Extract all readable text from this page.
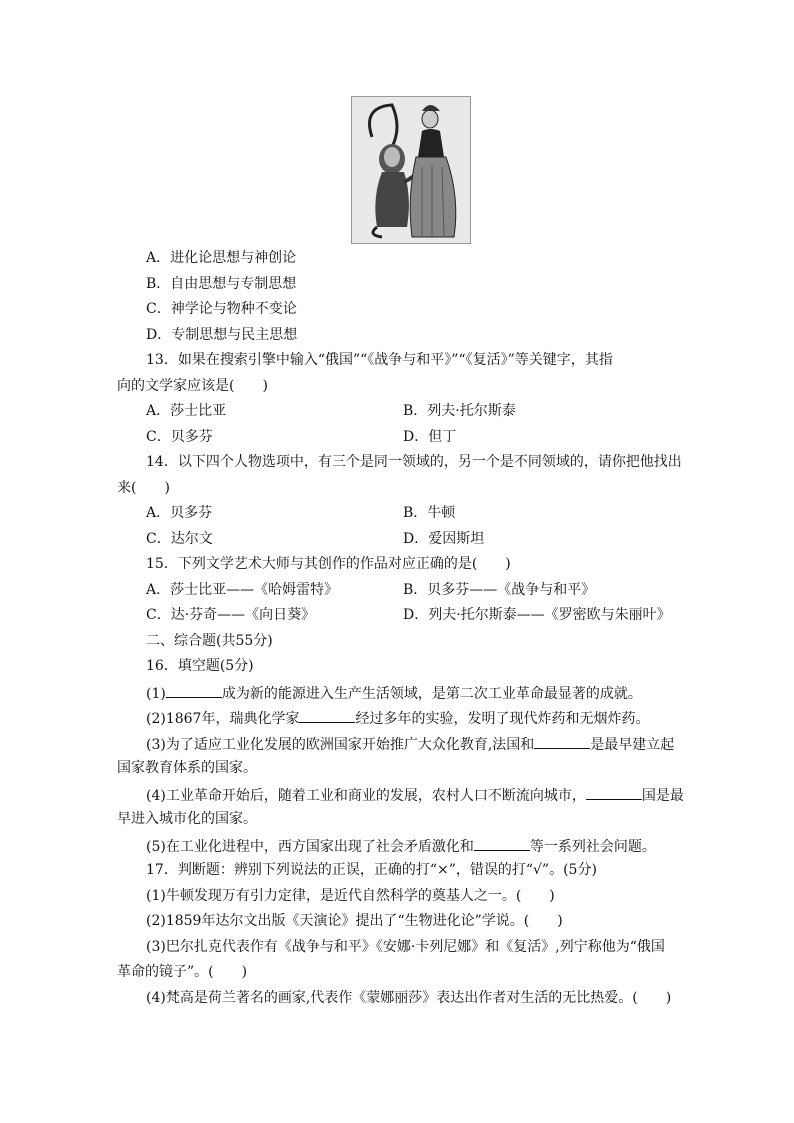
A．进化论思想与神创论
B．自由思想与专制思想
C．神学论与物种不变论
D．专制思想与民主思想
13．如果在搜索引擎中输入“俄国”“《战争与和平》”“《复活》”等关键字，其指
向的文学家应该是(　　)
A．莎士比亚	B．列夫·托尔斯泰
C．贝多芬	D．但丁
14．以下四个人物选项中，有三个是同一领域的，另一个是不同领域的，请你把他找出
来(　　)
A．贝多芬	B．牛顿
C．达尔文	D．爱因斯坦
15．下列文学艺术大师与其创作的作品对应正确的是(　　)
A．莎士比亚——《哈姆雷特》	B．贝多芬——《战争与和平》
C．达·芬奇——《向日葵》	D．列夫·托尔斯泰——《罗密欧与朱丽叶》
二、综合题(共55分)
16．填空题(5分)
(1)	成为新的能源进入生产生活领域，是第二次工业革命最显著的成就。
(2)1867年，瑞典化学家	经过多年的实验，发明了现代炸药和无烟炸药。
(3)为了适应工业化发展的欧洲国家开始推广大众化教育,法国和	是最早建立起
国家教育体系的国家。
(4)工业革命开始后，随着工业和商业的发展，农村人口不断流向城市，	国是最
早进入城市化的国家。
(5)在工业化进程中，西方国家出现了社会矛盾激化和	等一系列社会问题。
17．判断题：辨别下列说法的正误，正确的打“×”，错误的打“√”。(5分)
(1)牛顿发现万有引力定律，是近代自然科学的奠基人之一。(　　)
(2)1859年达尔文出版《天演论》提出了“生物进化论”学说。(　　)
(3)巴尔扎克代表作有《战争与和平》《安娜·卡列尼娜》和《复活》,列宁称他为“俄国
革命的镜子”。(　　)
(4)梵高是荷兰著名的画家,代表作《蒙娜丽莎》表达出作者对生活的无比热爱。(　　)
